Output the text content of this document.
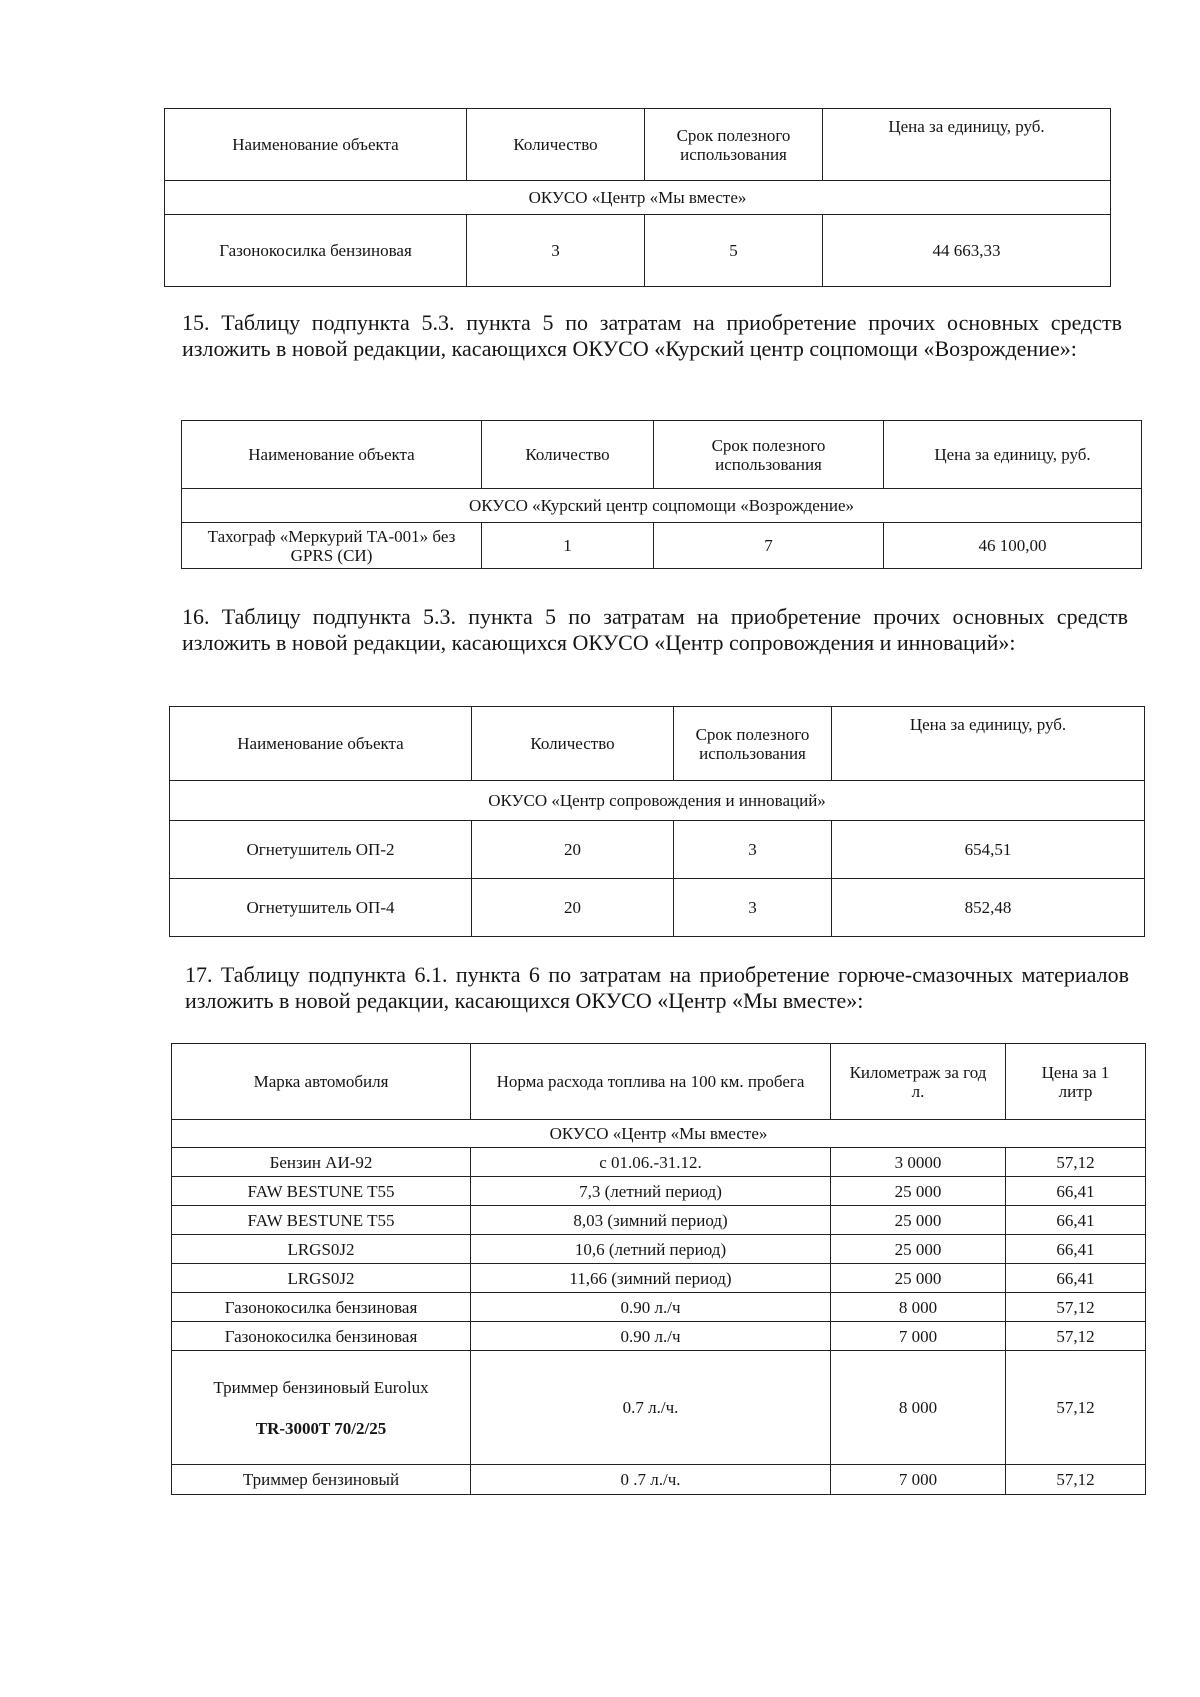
Наименование объекта	Количество	Срок полезного использования	Цена за единицу, руб.
ОКУСО «Центр «Мы вместе»			
Газонокосилка бензиновая	3	5	44 663,33

15. Таблицу подпункта 5.3. пункта 5 по затратам на приобретение прочих основных средств изложить в новой редакции, касающихся ОКУСО «Курский центр соцпомощи «Возрождение»:

Наименование объекта	Количество	Срок полезного использования	Цена за единицу, руб.
ОКУСО «Курский центр соцпомощи «Возрождение»			
Тахограф «Меркурий ТА-001» без GPRS (СИ)	1	7	46 100,00

16. Таблицу подпункта 5.3. пункта 5 по затратам на приобретение прочих основных средств изложить в новой редакции, касающихся ОКУСО «Центр сопровождения и инноваций»:

Наименование объекта	Количество	Срок полезного использования	Цена за единицу, руб.
ОКУСО «Центр сопровождения и инноваций»			
Огнетушитель ОП-2	20	3	654,51
Огнетушитель ОП-4	20	3	852,48

17. Таблицу подпункта 6.1. пункта 6 по затратам на приобретение горюче-смазочных материалов изложить в новой редакции, касающихся ОКУСО «Центр «Мы вместе»:

Марка автомобиля	Норма расхода топлива на 100 км. пробега	Километраж за год л.	Цена за 1 литр
ОКУСО «Центр «Мы вместе»			
Бензин АИ-92	с 01.06.-31.12.	3 0000	57,12
FAW BESTUNE T55	7,3 (летний период)	25 000	66,41
FAW BESTUNE T55	8,03 (зимний период)	25 000	66,41
LRGS0J2	10,6 (летний период)	25 000	66,41
LRGS0J2	11,66 (зимний период)	25 000	66,41
Газонокосилка бензиновая	0.90 л./ч	8 000	57,12
Газонокосилка бензиновая	0.90 л./ч	7 000	57,12

Триммер бензиновый Eurolux
TR-3000T 70/2/25	0.7 л./ч.	8 000	57,12
Триммер бензиновый	0 .7 л./ч.	7 000	57,12
